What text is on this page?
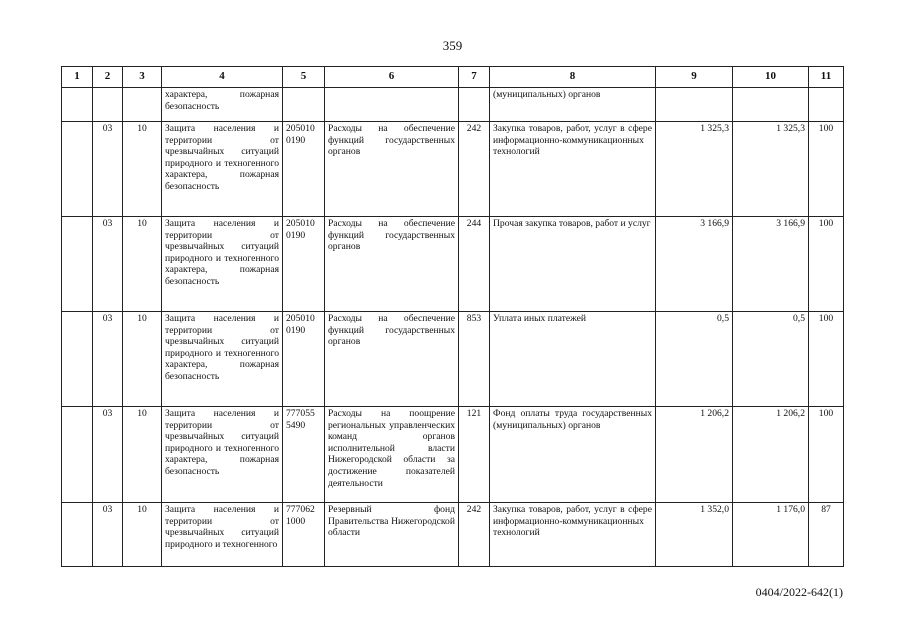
359
1	2	3	4	5	6	7	8	9	10	11
			характера, пожарная безопасность				(муниципальных) органов			
	03	10	Защита населения и территории от чрезвычайных ситуаций природного и техногенного характера, пожарная безопасность	205010 0190	Расходы на обеспечение функций государственных органов	242	Закупка товаров, работ, услуг в сфере информационно-коммуникационных технологий	1 325,3	1 325,3	100
	03	10	Защита населения и территории от чрезвычайных ситуаций природного и техногенного характера, пожарная безопасность	205010 0190	Расходы на обеспечение функций государственных органов	244	Прочая закупка товаров, работ и услуг	3 166,9	3 166,9	100
	03	10	Защита населения и территории от чрезвычайных ситуаций природного и техногенного характера, пожарная безопасность	205010 0190	Расходы на обеспечение функций государственных органов	853	Уплата иных платежей	0,5	0,5	100
	03	10	Защита населения и территории от чрезвычайных ситуаций природного и техногенного характера, пожарная безопасность	777055 5490	Расходы на поощрение региональных управленческих команд органов исполнительной власти Нижегородской области за достижение показателей деятельности	121	Фонд оплаты труда государственных (муниципальных) органов	1 206,2	1 206,2	100
	03	10	Защита населения и территории от чрезвычайных ситуаций природного и техногенного	777062 1000	Резервный фонд Правительства Нижегородской области	242	Закупка товаров, работ, услуг в сфере информационно-коммуникационных технологий	1 352,0	1 176,0	87
0404/2022-642(1)
